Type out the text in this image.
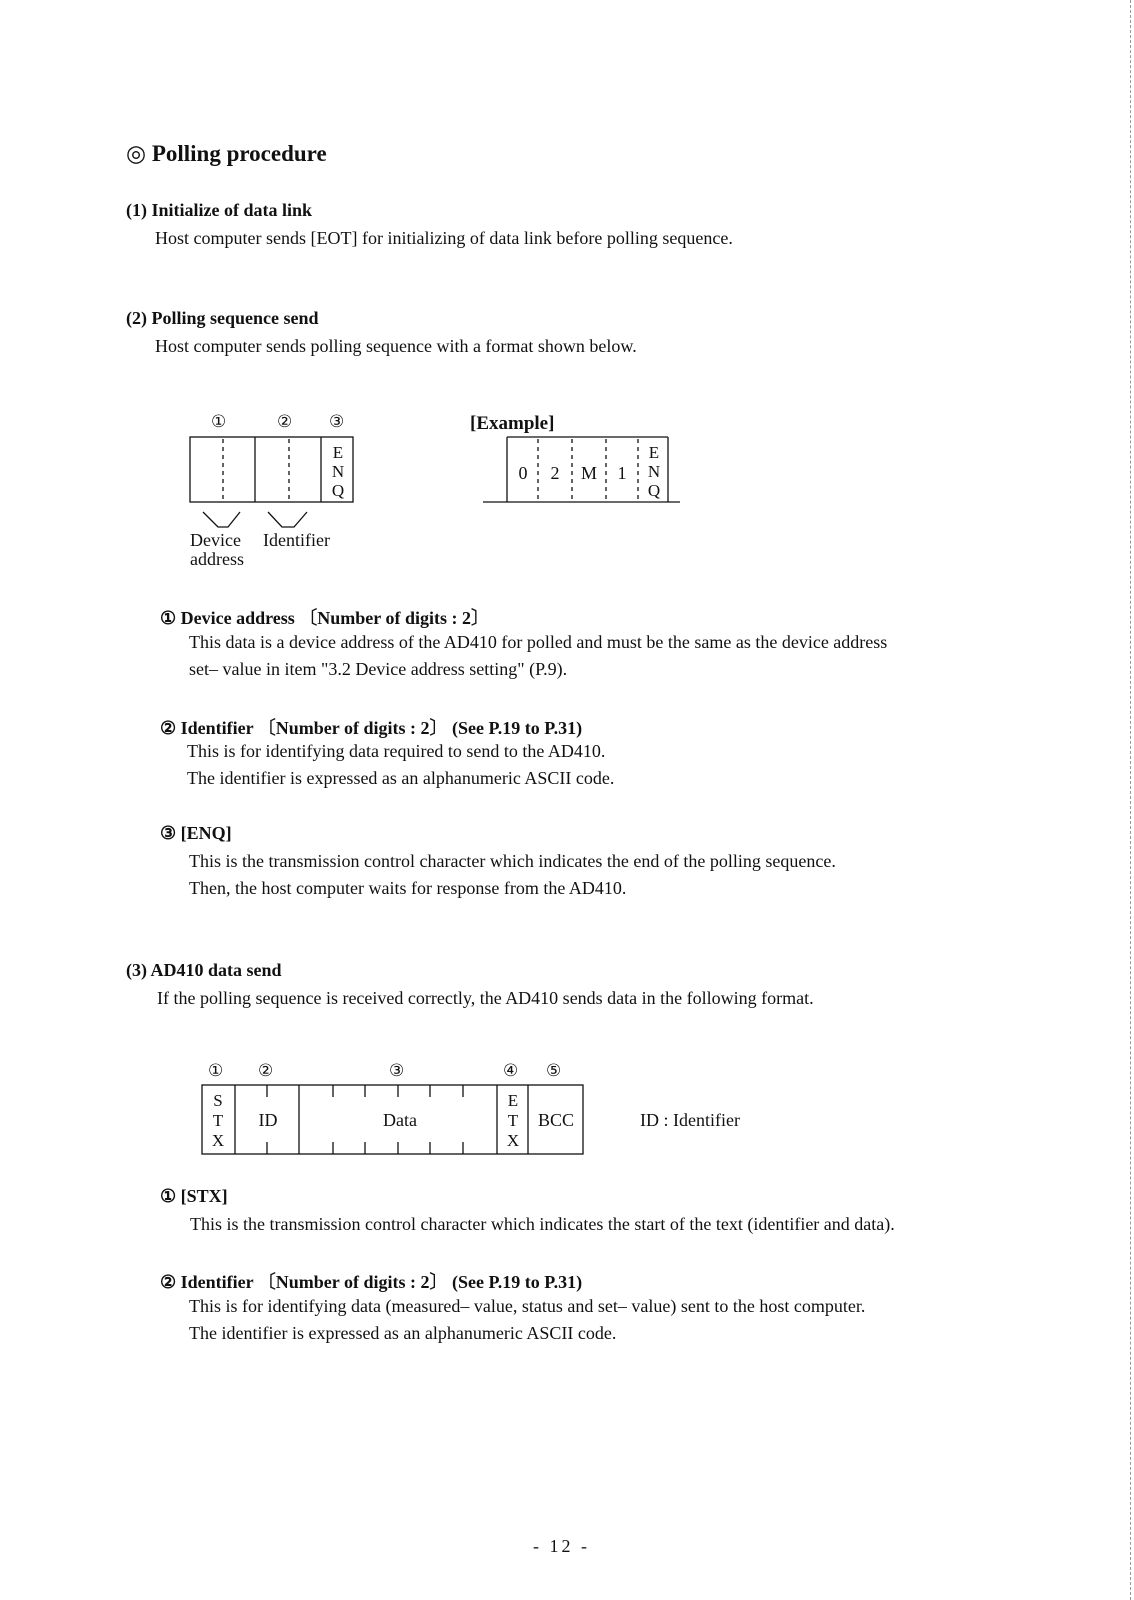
◎ Polling procedure
(1) Initialize of data link
Host computer sends [EOT] for initializing of data link before polling sequence.
(2) Polling sequence send
Host computer sends polling sequence with a format shown below.
①	② ③
E
N
Q
Device
address
Identifier
[Example]
0	2	M	1
E
N
Q
① Device address 〔Number of digits : 2〕
This data is a device address of the AD410 for polled and must be the same as the device address
set– value in item "3.2 Device address setting" (P.9).
② Identifier 〔Number of digits : 2〕 (See P.19 to P.31)
This is for identifying data required to send to the AD410.
The identifier is expressed as an alphanumeric ASCII code.
③ [ENQ]
This is the transmission control character which indicates the end of the polling sequence.
Then, the host computer waits for response from the AD410.
(3) AD410 data send
If the polling sequence is received correctly, the AD410 sends data in the following format.
① ②	③	④ ⑤
S
T
X
ID	Data
E
T
X
BCC	ID : Identifier
① [STX]
This is the transmission control character which indicates the start of the text (identifier and data).
② Identifier 〔Number of digits : 2〕 (See P.19 to P.31)
This is for identifying data (measured– value, status and set– value) sent to the host computer.
The identifier is expressed as an alphanumeric ASCII code.
- 12 -
